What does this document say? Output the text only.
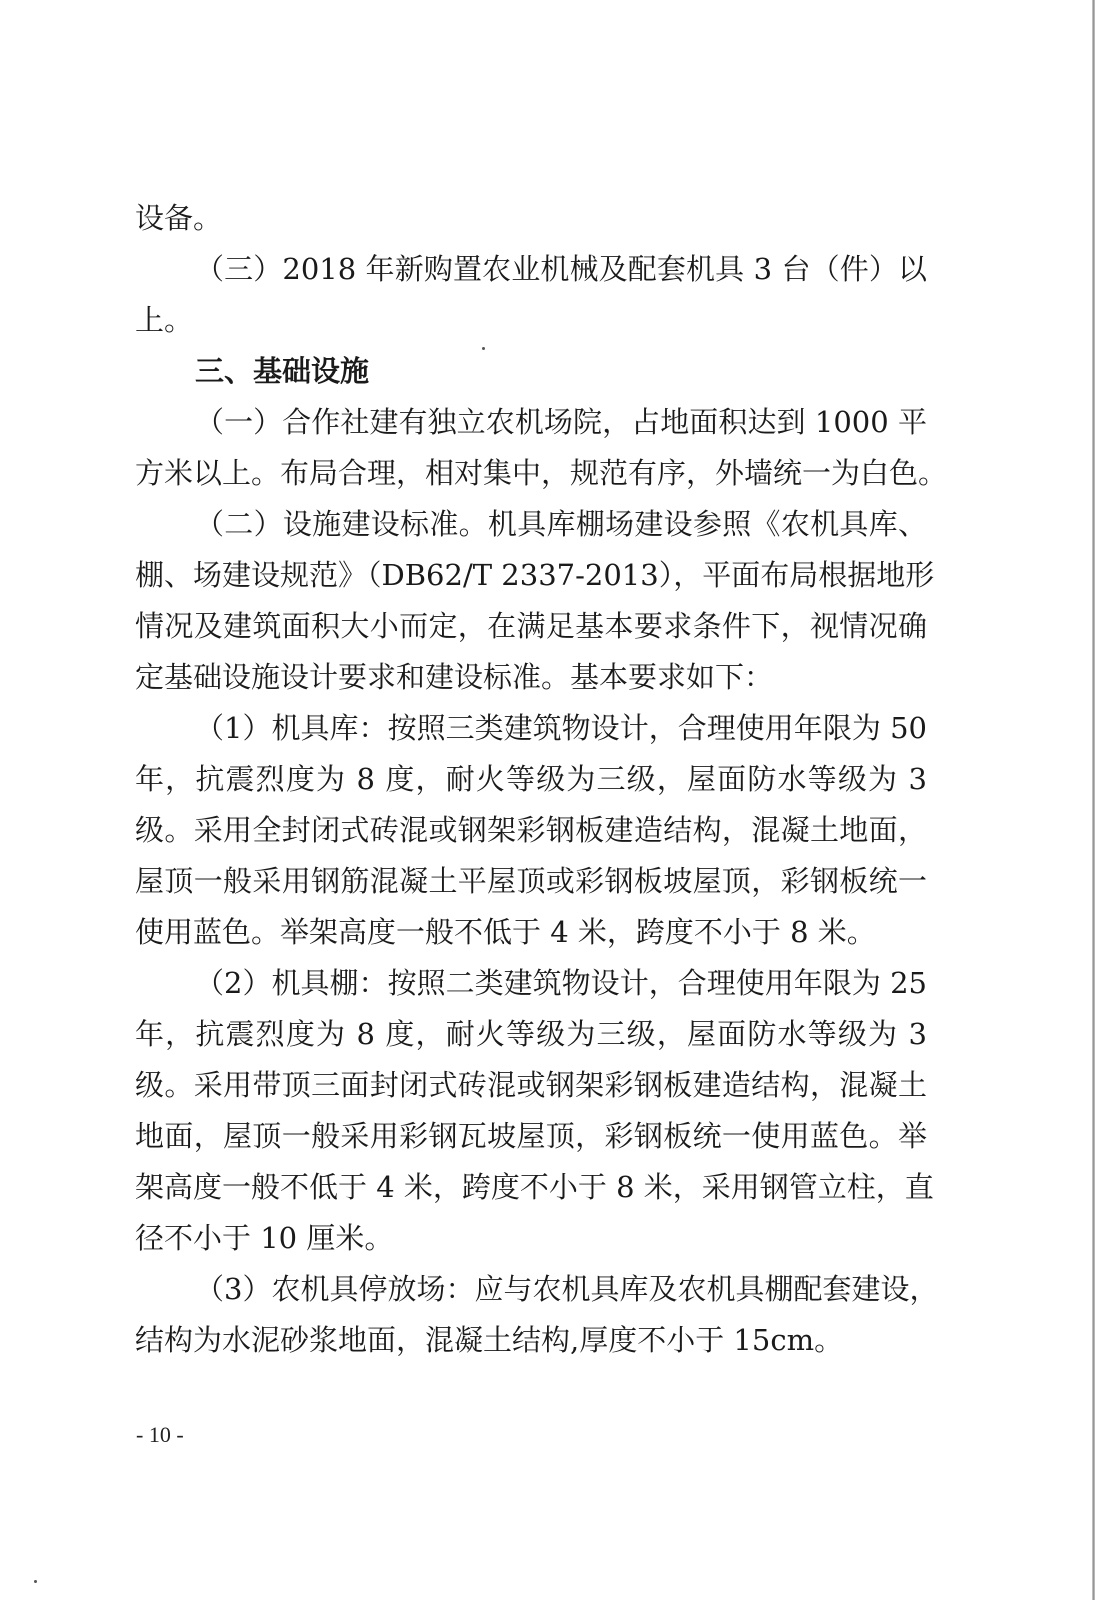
设备。
（三）2018 年新购置农业机械及配套机具 3 台（件）以
上。
三、基础设施
（一）合作社建有独立农机场院，占地面积达到 1000 平
方米以上。布局合理，相对集中，规范有序，外墙统一为白色。
（二）设施建设标准。机具库棚场建设参照《农机具库、
棚、场建设规范》（DB62/T 2337-2013），平面布局根据地形
情况及建筑面积大小而定，在满足基本要求条件下，视情况确
定基础设施设计要求和建设标准。基本要求如下：
（1）机具库：按照三类建筑物设计，合理使用年限为 50
年，抗震烈度为 8 度，耐火等级为三级，屋面防水等级为 3
级。采用全封闭式砖混或钢架彩钢板建造结构，混凝土地面，
屋顶一般采用钢筋混凝土平屋顶或彩钢板坡屋顶，彩钢板统一
使用蓝色。举架高度一般不低于 4 米，跨度不小于 8 米。
（2）机具棚：按照二类建筑物设计，合理使用年限为 25
年，抗震烈度为 8 度，耐火等级为三级，屋面防水等级为 3
级。采用带顶三面封闭式砖混或钢架彩钢板建造结构，混凝土
地面，屋顶一般采用彩钢瓦坡屋顶，彩钢板统一使用蓝色。举
架高度一般不低于 4 米，跨度不小于 8 米，采用钢管立柱，直
径不小于 10 厘米。
（3）农机具停放场：应与农机具库及农机具棚配套建设，
结构为水泥砂浆地面，混凝土结构,厚度不小于 15cm。
- 10 -
